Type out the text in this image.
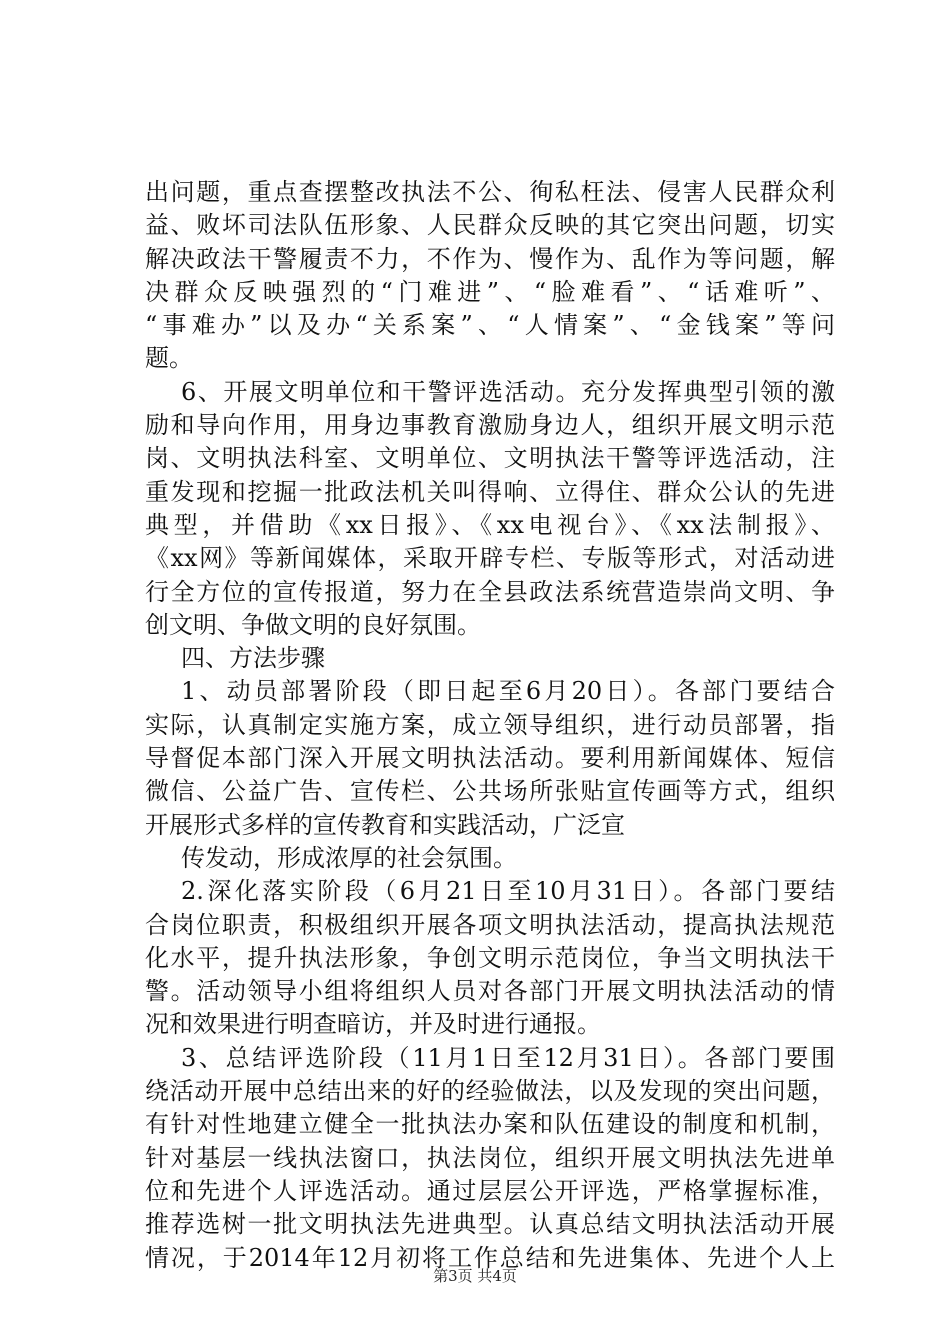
出问题，重点查摆整改执法不公、徇私枉法、侵害人民群众利
益、败坏司法队伍形象、人民群众反映的其它突出问题，切实
解决政法干警履责不力，不作为、慢作为、乱作为等问题，解
决群众反映强烈的“门难进”、“脸难看”、“话难听”、
“事难办”以及办“关系案”、“人情案”、“金钱案”等问
题。
6、开展文明单位和干警评选活动。充分发挥典型引领的激
励和导向作用，用身边事教育激励身边人，组织开展文明示范
岗、文明执法科室、文明单位、文明执法干警等评选活动，注
重发现和挖掘一批政法机关叫得响、立得住、群众公认的先进
典型，并借助《xx日报》、《xx电视台》、《xx法制报》、
《xx网》等新闻媒体，采取开辟专栏、专版等形式，对活动进
行全方位的宣传报道，努力在全县政法系统营造崇尚文明、争
创文明、争做文明的良好氛围。
四、方法步骤
1、动员部署阶段（即日起至6月20日）。各部门要结合
实际，认真制定实施方案，成立领导组织，进行动员部署，指
导督促本部门深入开展文明执法活动。要利用新闻媒体、短信
微信、公益广告、宣传栏、公共场所张贴宣传画等方式，组织
开展形式多样的宣传教育和实践活动，广泛宣
传发动，形成浓厚的社会氛围。
2.深化落实阶段（6月21日至10月31日）。各部门要结
合岗位职责，积极组织开展各项文明执法活动，提高执法规范
化水平，提升执法形象，争创文明示范岗位，争当文明执法干
警。活动领导小组将组织人员对各部门开展文明执法活动的情
况和效果进行明查暗访，并及时进行通报。
3、总结评选阶段（11月1日至12月31日）。各部门要围
绕活动开展中总结出来的好的经验做法，以及发现的突出问题，
有针对性地建立健全一批执法办案和队伍建设的制度和机制，
针对基层一线执法窗口，执法岗位，组织开展文明执法先进单
位和先进个人评选活动。通过层层公开评选，严格掌握标准，
推荐选树一批文明执法先进典型。认真总结文明执法活动开展
情况，于2014年12月初将工作总结和先进集体、先进个人上
第3页 共4页
